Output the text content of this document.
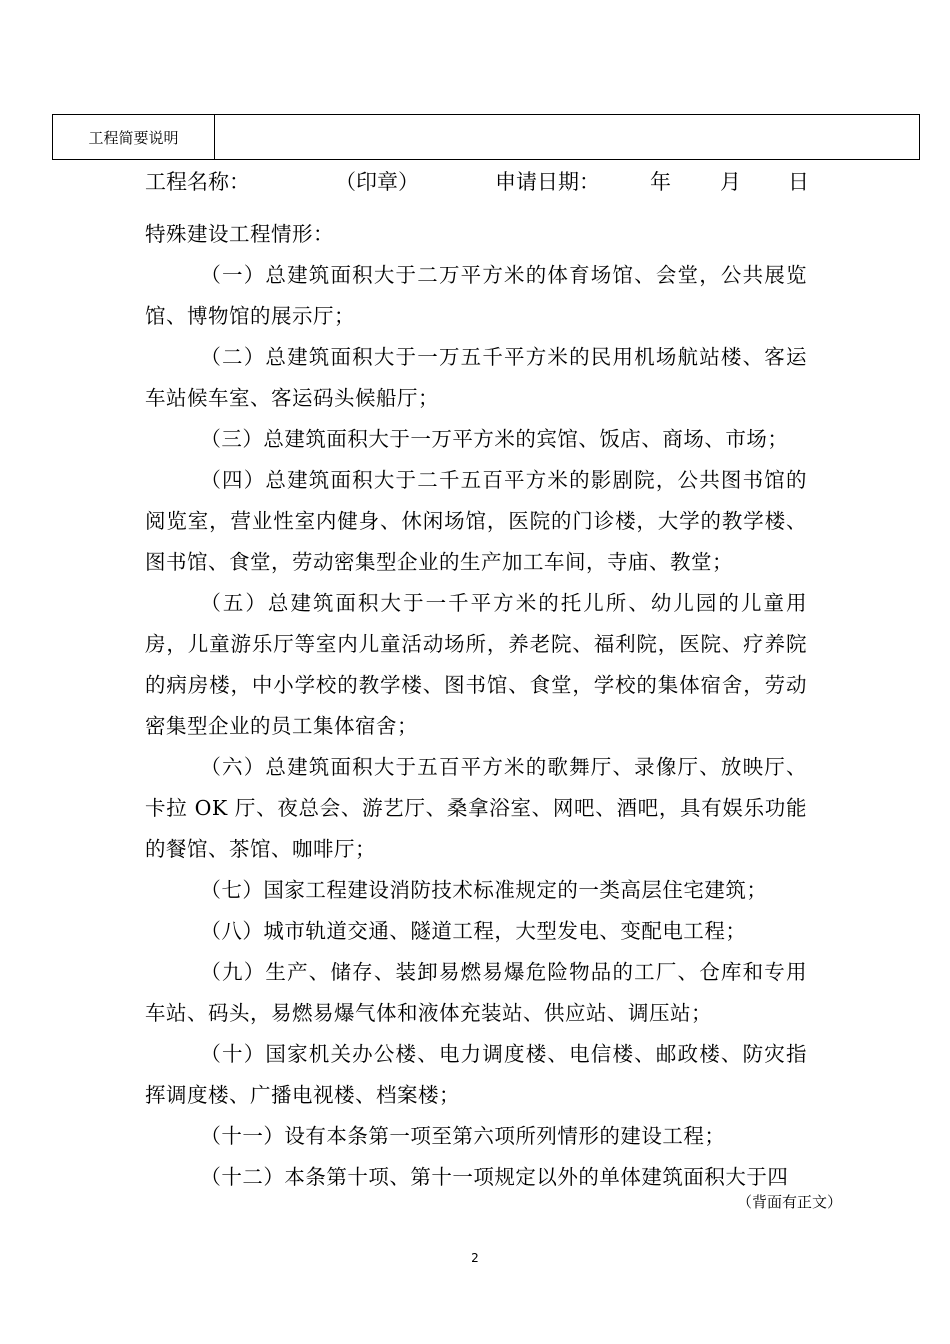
工程简要说明
工程名称：	（印章）	申请日期： 年 月 日

特殊建设工程情形：

（一）总建筑面积大于二万平方米的体育场馆、会堂，公共展览馆、博物馆的展示厅；

（二）总建筑面积大于一万五千平方米的民用机场航站楼、客运车站候车室、客运码头候船厅；

（三）总建筑面积大于一万平方米的宾馆、饭店、商场、市场；

（四）总建筑面积大于二千五百平方米的影剧院，公共图书馆的阅览室，营业性室内健身、休闲场馆，医院的门诊楼，大学的教学楼、图书馆、食堂，劳动密集型企业的生产加工车间，寺庙、教堂；

（五）总建筑面积大于一千平方米的托儿所、幼儿园的儿童用房，儿童游乐厅等室内儿童活动场所，养老院、福利院，医院、疗养院的病房楼，中小学校的教学楼、图书馆、食堂，学校的集体宿舍，劳动密集型企业的员工集体宿舍；

（六）总建筑面积大于五百平方米的歌舞厅、录像厅、放映厅、卡拉 OK 厅、夜总会、游艺厅、桑拿浴室、网吧、酒吧，具有娱乐功能的餐馆、茶馆、咖啡厅；

（七）国家工程建设消防技术标准规定的一类高层住宅建筑；

（八）城市轨道交通、隧道工程，大型发电、变配电工程；

（九）生产、储存、装卸易燃易爆危险物品的工厂、仓库和专用车站、码头，易燃易爆气体和液体充装站、供应站、调压站；

（十）国家机关办公楼、电力调度楼、电信楼、邮政楼、防灾指挥调度楼、广播电视楼、档案楼；

（十一）设有本条第一项至第六项所列情形的建设工程；

（十二）本条第十项、第十一项规定以外的单体建筑面积大于四

（背面有正文）
2
